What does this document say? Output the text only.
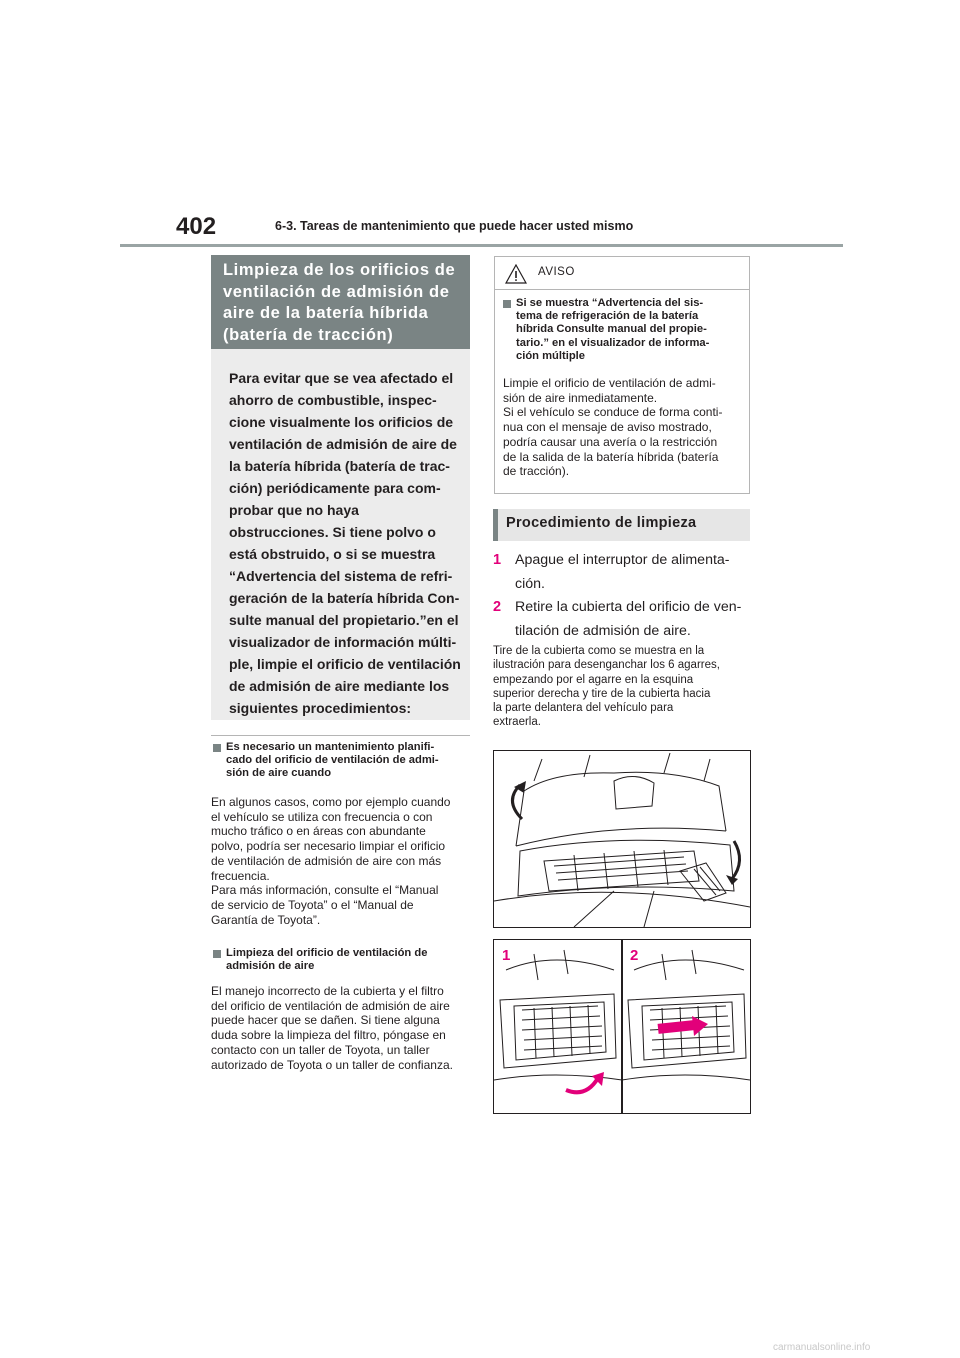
402	6-3. Tareas de mantenimiento que puede hacer usted mismo
Limpieza de los orificios de
ventilación de admisión de
aire de la batería híbrida
(batería de tracción)
Para evitar que se vea afectado el
ahorro de combustible, inspec-
cione visualmente los orificios de
ventilación de admisión de aire de
la batería híbrida (batería de trac-
ción) periódicamente para com-
probar que no haya
obstrucciones. Si tiene polvo o
está obstruido, o si se muestra
“Advertencia del sistema de refri-
geración de la batería híbrida Con-
sulte manual del propietario.”en el
visualizador de información múlti-
ple, limpie el orificio de ventilación
de admisión de aire mediante los
siguientes procedimientos:
Es necesario un mantenimiento planifi-
cado del orificio de ventilación de admi-
sión de aire cuando
En algunos casos, como por ejemplo cuando
el vehículo se utiliza con frecuencia o con
mucho tráfico o en áreas con abundante
polvo, podría ser necesario limpiar el orificio
de ventilación de admisión de aire con más
frecuencia.
Para más información, consulte el “Manual
de servicio de Toyota” o el “Manual de
Garantía de Toyota”.
Limpieza del orificio de ventilación de
admisión de aire
El manejo incorrecto de la cubierta y el filtro
del orificio de ventilación de admisión de aire
puede hacer que se dañen. Si tiene alguna
duda sobre la limpieza del filtro, póngase en
contacto con un taller de Toyota, un taller
autorizado de Toyota o un taller de confianza.
AVISO
Si se muestra “Advertencia del sis-
tema de refrigeración de la batería
híbrida Consulte manual del propie-
tario.” en el visualizador de informa-
ción múltiple
Limpie el orificio de ventilación de admi-
sión de aire inmediatamente.
Si el vehículo se conduce de forma conti-
nua con el mensaje de aviso mostrado,
podría causar una avería o la restricción
de la salida de la batería híbrida (batería
de tracción).
Procedimiento de limpieza
1 Apague el interruptor de alimenta-
ción.
2 Retire la cubierta del orificio de ven-
tilación de admisión de aire.
Tire de la cubierta como se muestra en la
ilustración para desenganchar los 6 agarres,
empezando por el agarre en la esquina
superior derecha y tire de la cubierta hacia
la parte delantera del vehículo para
extraerla.
1	2
carmanualsonline.info
